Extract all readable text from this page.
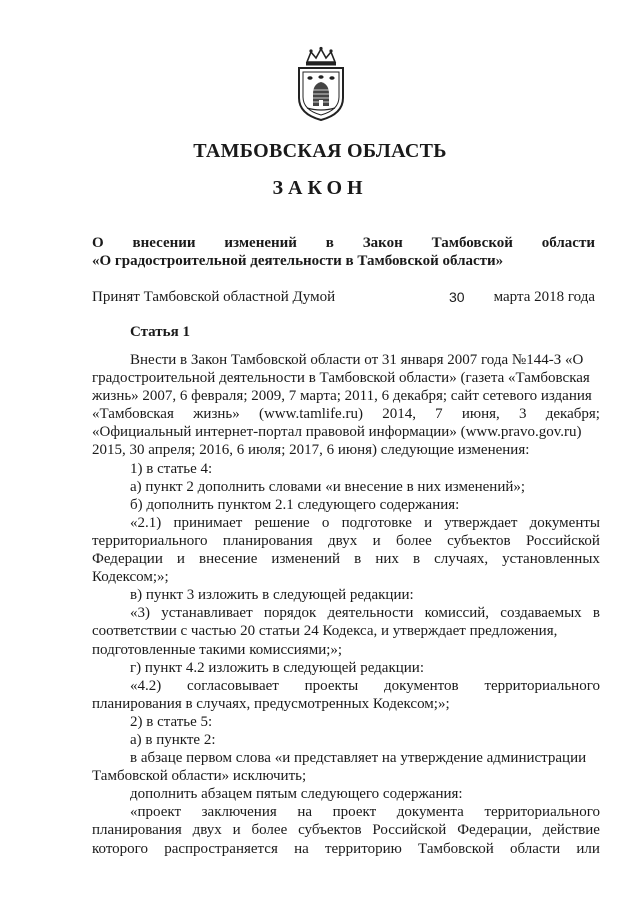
ТАМБОВСКАЯ ОБЛАСТЬ
ЗАКОН
О внесении изменений в Закон Тамбовской области
«О градостроительной деятельности в Тамбовской области»
Принят Тамбовской областной Думой	30 марта 2018 года
Статья 1
Внести в Закон Тамбовской области от 31 января 2007 года №144-З «О
градостроительной деятельности в Тамбовской области» (газета «Тамбовская
жизнь» 2007, 6 февраля; 2009, 7 марта; 2011, 6 декабря; сайт сетевого издания
«Тамбовская жизнь» (www.tamlife.ru) 2014, 7 июня, 3 декабря;
«Официальный интернет-портал правовой информации» (www.pravo.gov.ru)
2015, 30 апреля; 2016, 6 июля; 2017, 6 июня) следующие изменения:
1) в статье 4:
а) пункт 2 дополнить словами «и внесение в них изменений»;
б) дополнить пунктом 2.1 следующего содержания:
«2.1) принимает решение о подготовке и утверждает документы
территориального планирования двух и более субъектов Российской
Федерации и внесение изменений в них в случаях, установленных
Кодексом;»;
в) пункт 3 изложить в следующей редакции:
«3) устанавливает порядок деятельности комиссий, создаваемых в
соответствии с частью 20 статьи 24 Кодекса, и утверждает предложения,
подготовленные такими комиссиями;»;
г) пункт 4.2 изложить в следующей редакции:
«4.2) согласовывает проекты документов территориального
планирования в случаях, предусмотренных Кодексом;»;
2) в статье 5:
а) в пункте 2:
в абзаце первом слова «и представляет на утверждение администрации
Тамбовской области» исключить;
дополнить абзацем пятым следующего содержания:
«проект заключения на проект документа территориального
планирования двух и более субъектов Российской Федерации, действие
которого распространяется на территорию Тамбовской области или
